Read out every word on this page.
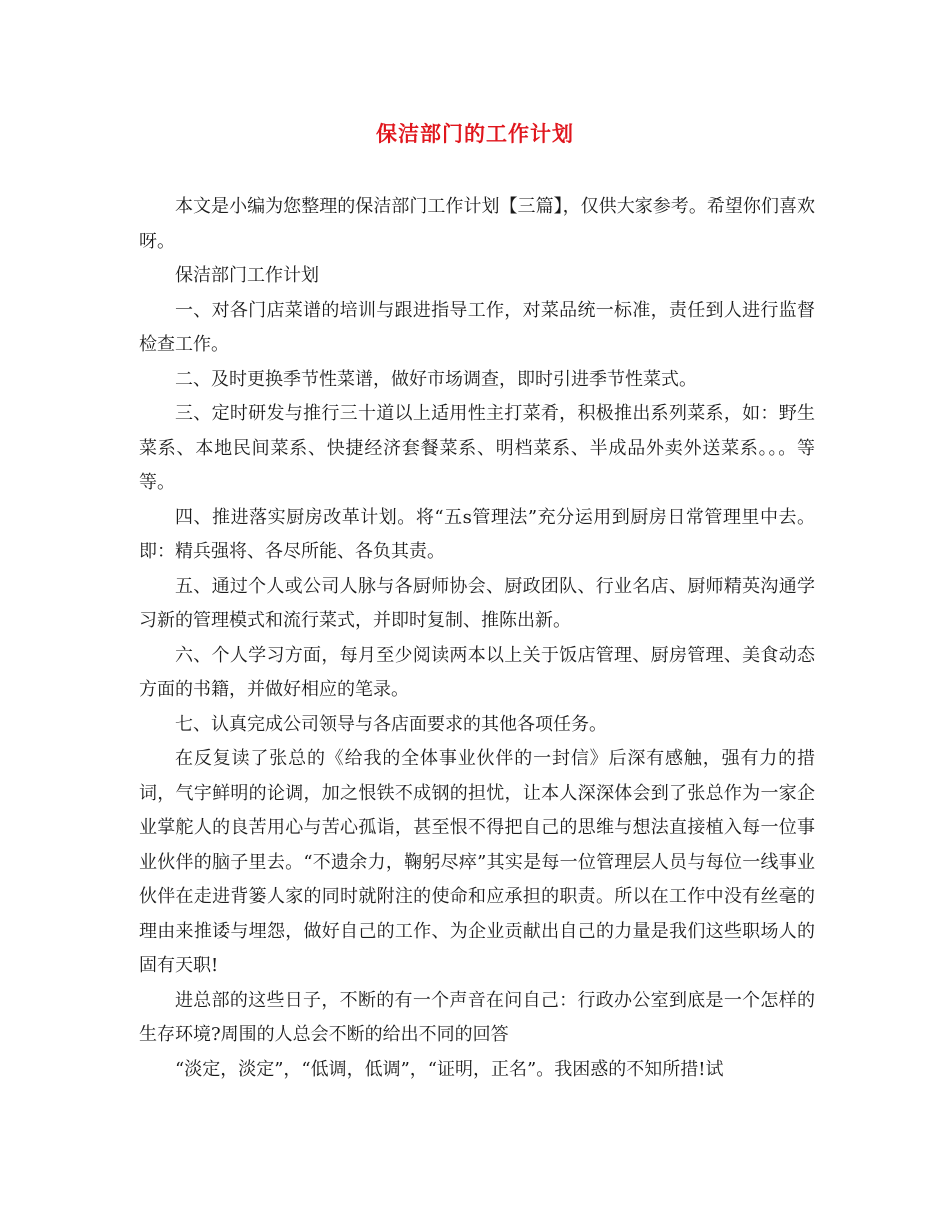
保洁部门的工作计划

本文是小编为您整理的保洁部门工作计划【三篇】，仅供大家参考。希望你们喜欢呀。

保洁部门工作计划

一、对各门店菜谱的培训与跟进指导工作，对菜品统一标准，责任到人进行监督检查工作。

二、及时更换季节性菜谱，做好市场调查，即时引进季节性菜式。

三、定时研发与推行三十道以上适用性主打菜肴，积极推出系列菜系，如：野生菜系、本地民间菜系、快捷经济套餐菜系、明档菜系、半成品外卖外送菜系。。。等等。

四、推进落实厨房改革计划。将“五s管理法”充分运用到厨房日常管理里中去。即：精兵强将、各尽所能、各负其责。

五、通过个人或公司人脉与各厨师协会、厨政团队、行业名店、厨师精英沟通学习新的管理模式和流行菜式，并即时复制、推陈出新。

六、个人学习方面，每月至少阅读两本以上关于饭店管理、厨房管理、美食动态方面的书籍，并做好相应的笔录。

七、认真完成公司领导与各店面要求的其他各项任务。

在反复读了张总的《给我的全体事业伙伴的一封信》后深有感触，强有力的措词，气宇鲜明的论调，加之恨铁不成钢的担忧，让本人深深体会到了张总作为一家企业掌舵人的良苦用心与苦心孤诣，甚至恨不得把自己的思维与想法直接植入每一位事业伙伴的脑子里去。“不遗余力，鞠躬尽瘁”其实是每一位管理层人员与每位一线事业伙伴在走进背篓人家的同时就附注的使命和应承担的职责。所以在工作中没有丝毫的理由来推诿与埋怨，做好自己的工作、为企业贡献出自己的力量是我们这些职场人的固有天职!

进总部的这些日子，不断的有一个声音在问自己：行政办公室到底是一个怎样的生存环境?周围的人总会不断的给出不同的回答

“淡定，淡定”，“低调，低调”，“证明，正名”。我困惑的不知所措!试
